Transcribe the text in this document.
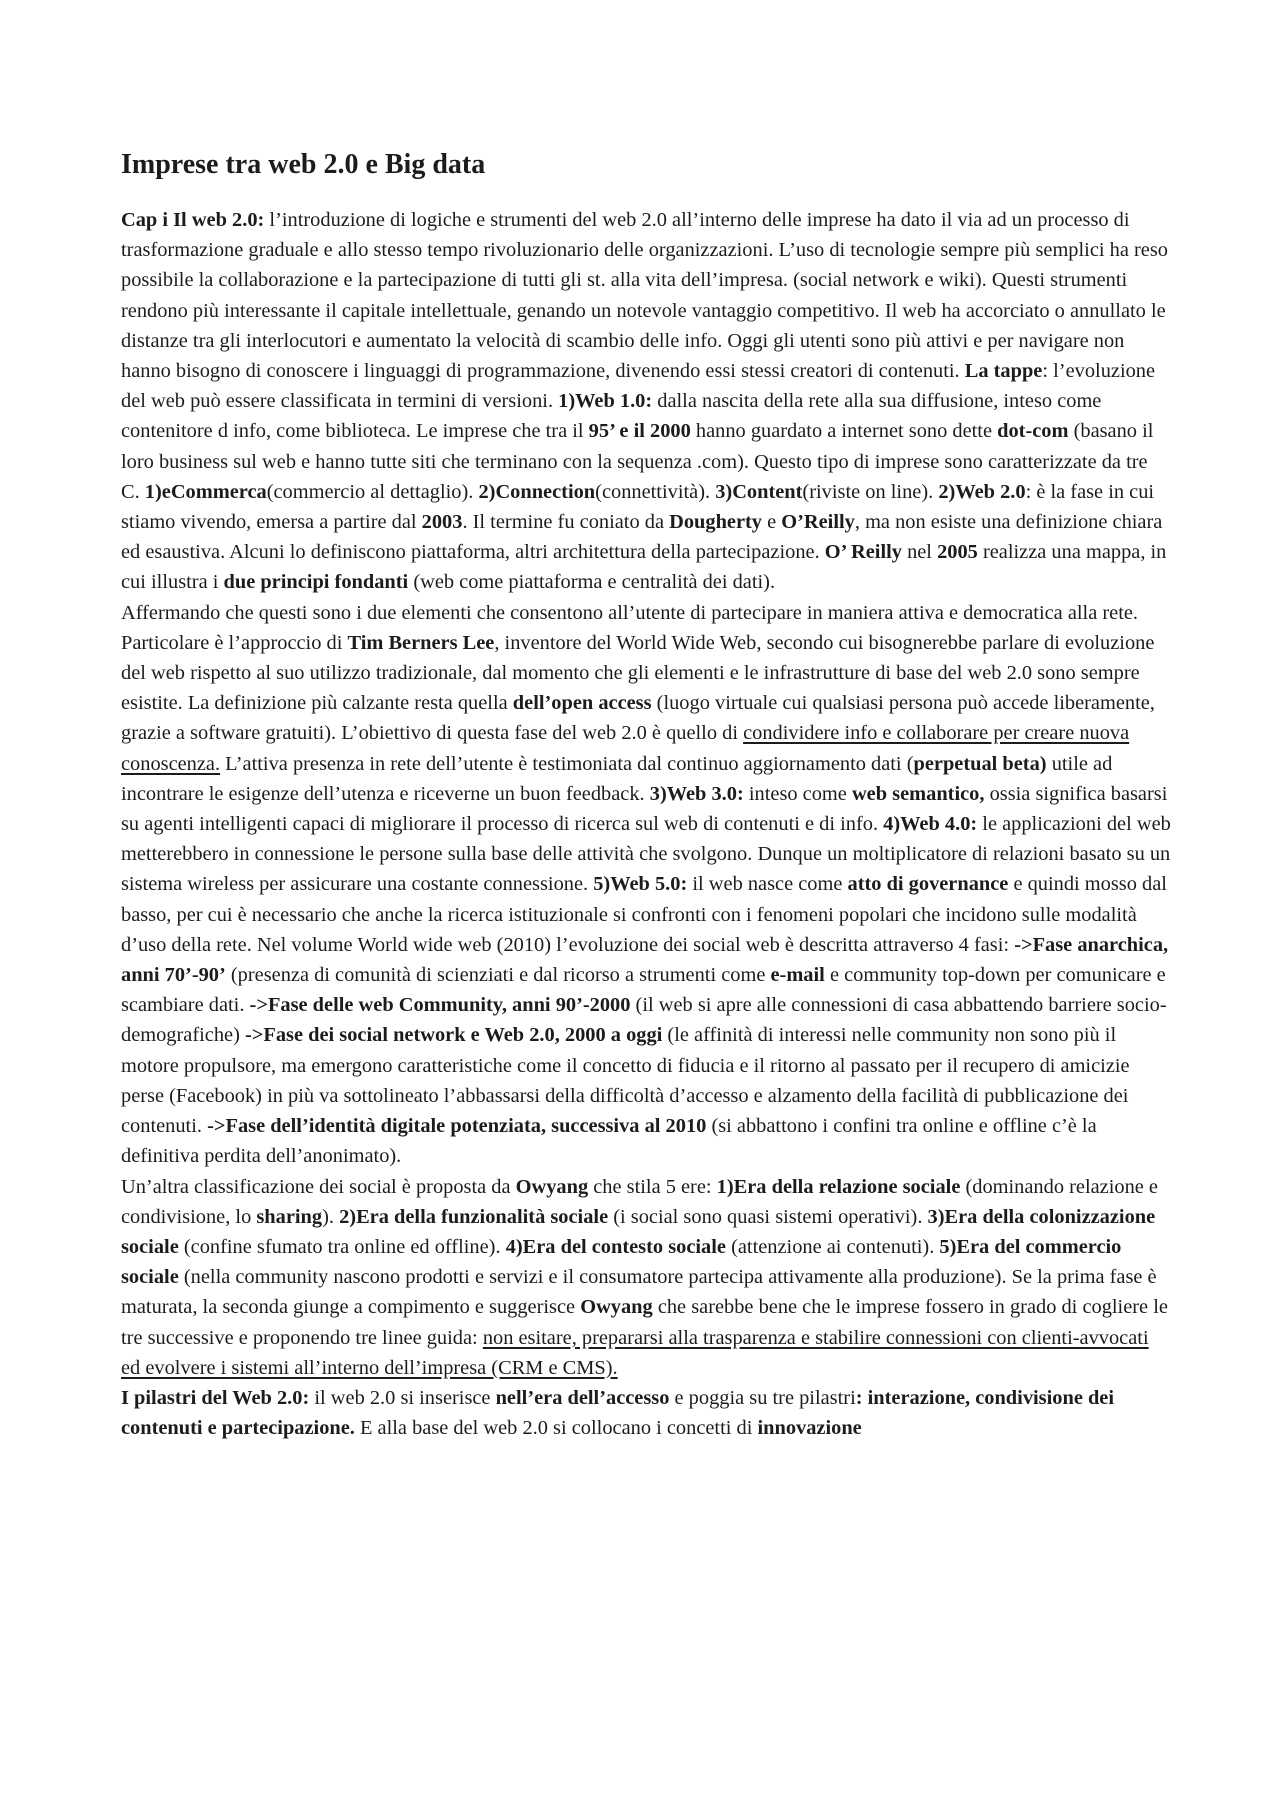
Imprese tra web 2.0 e Big data

Cap i Il web 2.0: l’introduzione di logiche e strumenti del web 2.0 all’interno delle imprese ha dato il via ad un processo di trasformazione graduale e allo stesso tempo rivoluzionario delle organizzazioni. L’uso di tecnologie sempre più semplici ha reso possibile la collaborazione e la partecipazione di tutti gli st. alla vita dell’impresa. (social network e wiki). Questi strumenti rendono più interessante il capitale intellettuale, genando un notevole vantaggio competitivo. Il web ha accorciato o annullato le distanze tra gli interlocutori e aumentato la velocità di scambio delle info. Oggi gli utenti sono più attivi e per navigare non hanno bisogno di conoscere i linguaggi di programmazione, divenendo essi stessi creatori di contenuti. La tappe: l’evoluzione del web può essere classificata in termini di versioni. 1)Web 1.0: dalla nascita della rete alla sua diffusione, inteso come contenitore d info, come biblioteca. Le imprese che tra il 95’ e il 2000 hanno guardato a internet sono dette dot-com (basano il loro business sul web e hanno tutte siti che terminano con la sequenza .com). Questo tipo di imprese sono caratterizzate da tre C. 1)eCommerca(commercio al dettaglio). 2)Connection(connettività). 3)Content(riviste on line). 2)Web 2.0: è la fase in cui stiamo vivendo, emersa a partire dal 2003. Il termine fu coniato da Dougherty e O’Reilly, ma non esiste una definizione chiara ed esaustiva. Alcuni lo definiscono piattaforma, altri architettura della partecipazione. O’ Reilly nel 2005 realizza una mappa, in cui illustra i due principi fondanti (web come piattaforma e centralità dei dati).

Affermando che questi sono i due elementi che consentono all’utente di partecipare in maniera attiva e democratica alla rete. Particolare è l’approccio di Tim Berners Lee, inventore del World Wide Web, secondo cui bisognerebbe parlare di evoluzione del web rispetto al suo utilizzo tradizionale, dal momento che gli elementi e le infrastrutture di base del web 2.0 sono sempre esistite. La definizione più calzante resta quella dell’open access (luogo virtuale cui qualsiasi persona può accede liberamente, grazie a software gratuiti). L’obiettivo di questa fase del web 2.0 è quello di condividere info e collaborare per creare nuova conoscenza. L’attiva presenza in rete dell’utente è testimoniata dal continuo aggiornamento dati (perpetual beta) utile ad incontrare le esigenze dell’utenza e riceverne un buon feedback. 3)Web 3.0: inteso come web semantico, ossia significa basarsi su agenti intelligenti capaci di migliorare il processo di ricerca sul web di contenuti e di info. 4)Web 4.0: le applicazioni del web metterebbero in connessione le persone sulla base delle attività che svolgono. Dunque un moltiplicatore di relazioni basato su un sistema wireless per assicurare una costante connessione. 5)Web 5.0: il web nasce come atto di governance e quindi mosso dal basso, per cui è necessario che anche la ricerca istituzionale si confronti con i fenomeni popolari che incidono sulle modalità d’uso della rete. Nel volume World wide web (2010) l’evoluzione dei social web è descritta attraverso 4 fasi: ->Fase anarchica, anni 70’-90’ (presenza di comunità di scienziati e dal ricorso a strumenti come e-mail e community top-down per comunicare e scambiare dati. ->Fase delle web Community, anni 90’-2000 (il web si apre alle connessioni di casa abbattendo barriere socio-demografiche) ->Fase dei social network e Web 2.0, 2000 a oggi (le affinità di interessi nelle community non sono più il motore propulsore, ma emergono caratteristiche come il concetto di fiducia e il ritorno al passato per il recupero di amicizie perse (Facebook) in più va sottolineato l’abbassarsi della difficoltà d’accesso e alzamento della facilità di pubblicazione dei contenuti. ->Fase dell’identità digitale potenziata, successiva al 2010 (si abbattono i confini tra online e offline c’è la definitiva perdita dell’anonimato).

Un’altra classificazione dei social è proposta da Owyang che stila 5 ere: 1)Era della relazione sociale (dominando relazione e condivisione, lo sharing). 2)Era della funzionalità sociale (i social sono quasi sistemi operativi). 3)Era della colonizzazione sociale (confine sfumato tra online ed offline). 4)Era del contesto sociale (attenzione ai contenuti). 5)Era del commercio sociale (nella community nascono prodotti e servizi e il consumatore partecipa attivamente alla produzione). Se la prima fase è maturata, la seconda giunge a compimento e suggerisce Owyang che sarebbe bene che le imprese fossero in grado di cogliere le tre successive e proponendo tre linee guida: non esitare, prepararsi alla trasparenza e stabilire connessioni con clienti-avvocati ed evolvere i sistemi all’interno dell’impresa (CRM e CMS).

I pilastri del Web 2.0: il web 2.0 si inserisce nell’era dell’accesso e poggia su tre pilastri: interazione, condivisione dei contenuti e partecipazione. E alla base del web 2.0 si collocano i concetti di innovazione
